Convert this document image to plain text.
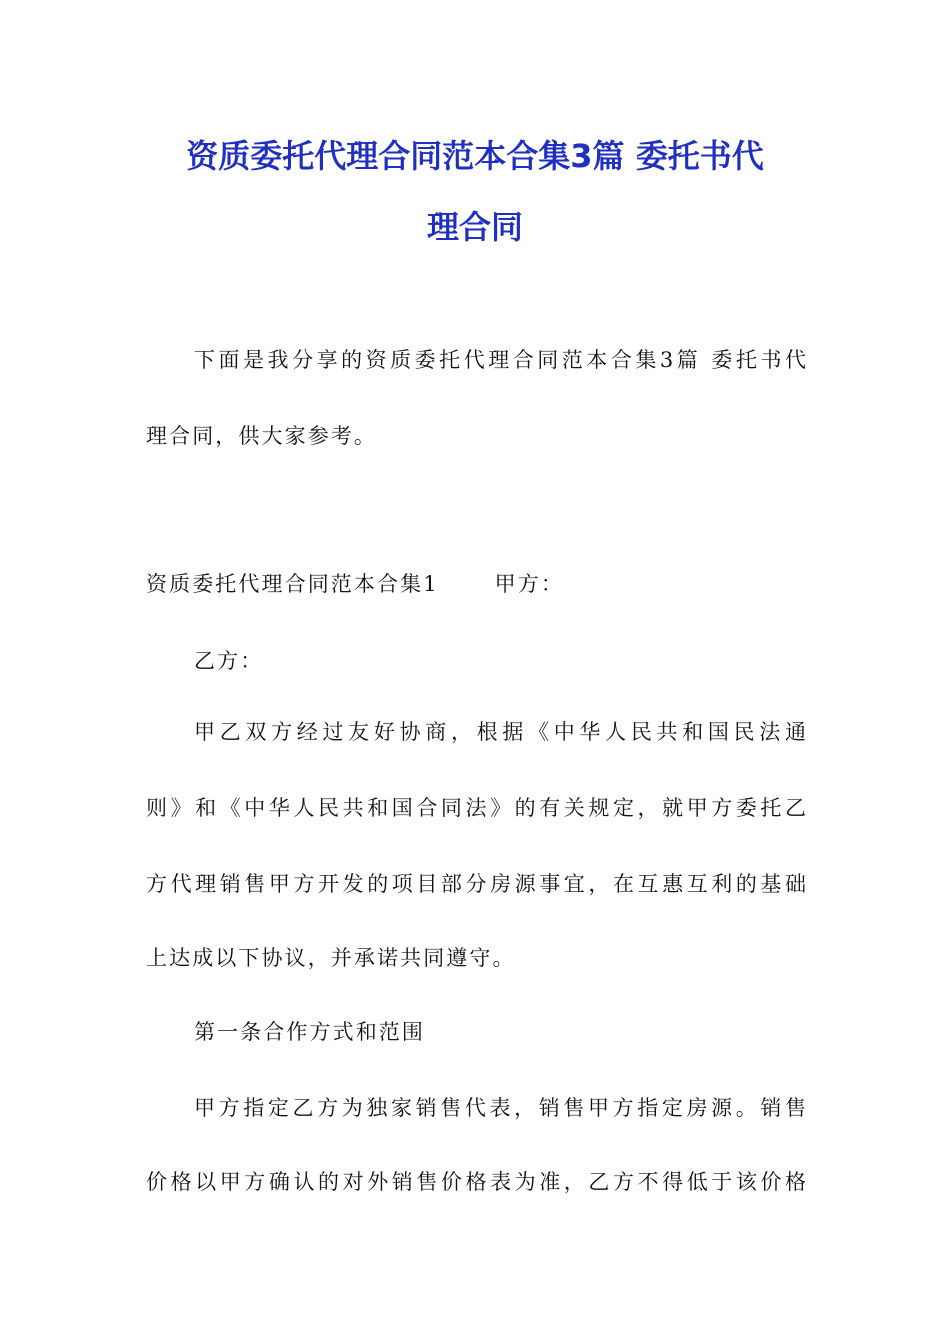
资质委托代理合同范本合集3篇 委托书代
理合同
下面是我分享的资质委托代理合同范本合集3篇 委托书代
理合同，供大家参考。
资质委托代理合同范本合集1	甲方：
乙方：
甲乙双方经过友好协商，根据《中华人民共和国民法通
则》和《中华人民共和国合同法》的有关规定，就甲方委托乙
方代理销售甲方开发的项目部分房源事宜，在互惠互利的基础
上达成以下协议，并承诺共同遵守。
第一条合作方式和范围
甲方指定乙方为独家销售代表，销售甲方指定房源。销售
价格以甲方确认的对外销售价格表为准，乙方不得低于该价格
